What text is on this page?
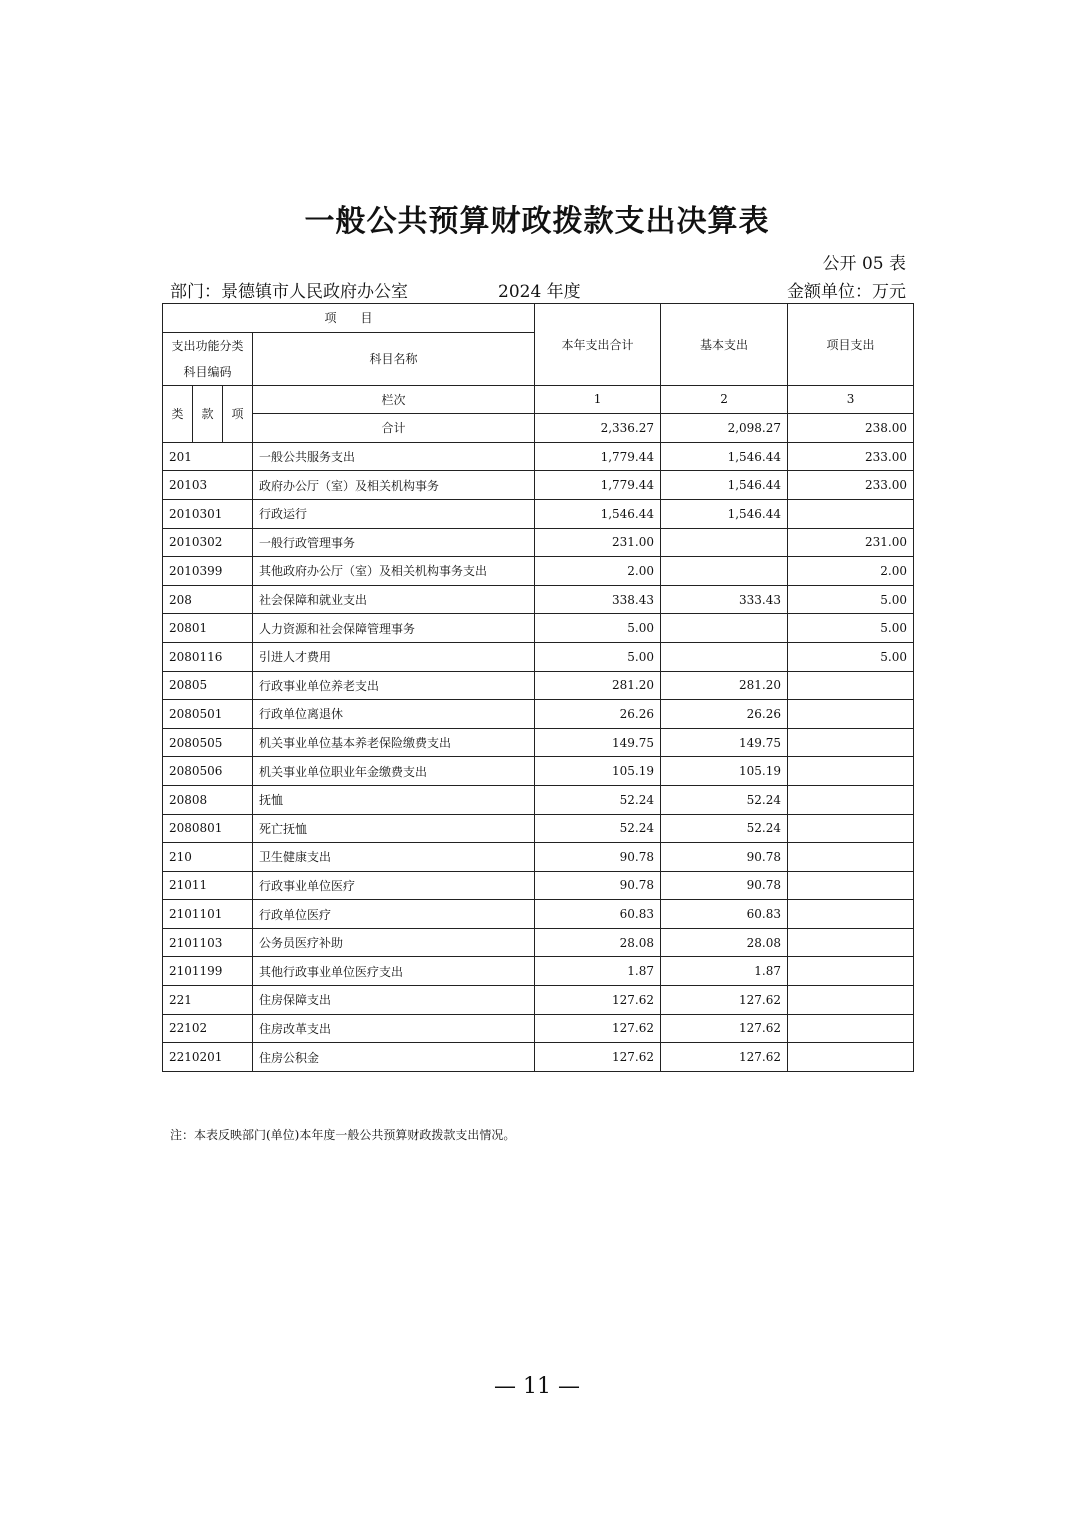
一般公共预算财政拨款支出决算表
公开 05 表
部门：景德镇市人民政府办公室	2024 年度	金额单位：万元
项　　目				本年支出合计	基本支出	项目支出

支出功能分类
科目编码			科目名称			
类	款	项	栏次	1	2	3
			合计	2,336.27	2,098.27	238.00
201			一般公共服务支出	1,779.44	1,546.44	233.00
20103			政府办公厅（室）及相关机构事务	1,779.44	1,546.44	233.00
2010301			行政运行	1,546.44	1,546.44	
2010302			一般行政管理事务	231.00		231.00
2010399			其他政府办公厅（室）及相关机构事务支出	2.00		2.00
208			社会保障和就业支出	338.43	333.43	5.00
20801			人力资源和社会保障管理事务	5.00		5.00
2080116			引进人才费用	5.00		5.00
20805			行政事业单位养老支出	281.20	281.20	
2080501			行政单位离退休	26.26	26.26	
2080505			机关事业单位基本养老保险缴费支出	149.75	149.75	
2080506			机关事业单位职业年金缴费支出	105.19	105.19	
20808			抚恤	52.24	52.24	
2080801			死亡抚恤	52.24	52.24	
210			卫生健康支出	90.78	90.78	
21011			行政事业单位医疗	90.78	90.78	
2101101			行政单位医疗	60.83	60.83	
2101103			公务员医疗补助	28.08	28.08	
2101199			其他行政事业单位医疗支出	1.87	1.87	
221			住房保障支出	127.62	127.62	
22102			住房改革支出	127.62	127.62	
2210201			住房公积金	127.62	127.62	
注：本表反映部门(单位)本年度一般公共预算财政拨款支出情况。
— 11 —
